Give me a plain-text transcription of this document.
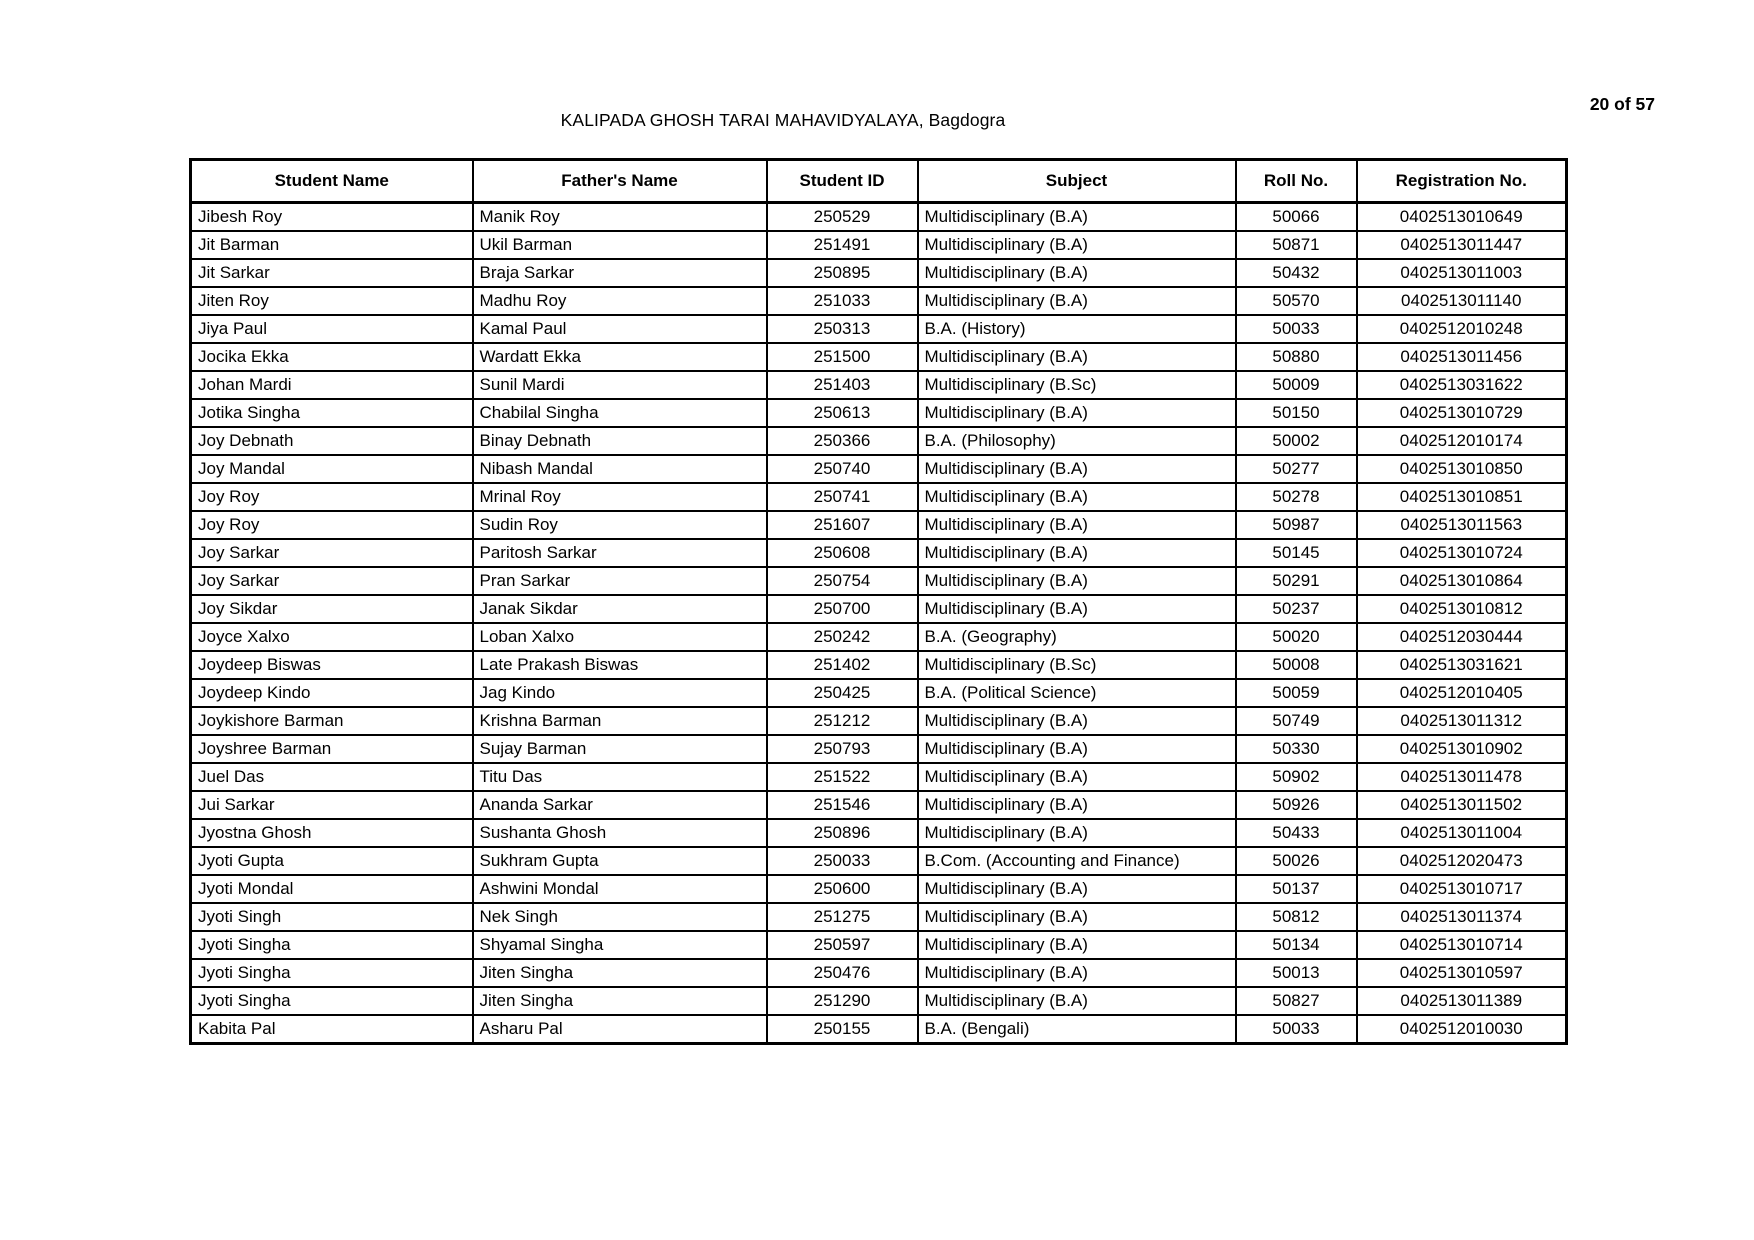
KALIPADA GHOSH TARAI MAHAVIDYALAYA, Bagdogra
20 of 57
Student Name	Father's Name	Student ID	Subject	Roll No.	Registration No.
Jibesh Roy	Manik Roy	250529	Multidisciplinary (B.A)	50066	0402513010649
Jit Barman	Ukil Barman	251491	Multidisciplinary (B.A)	50871	0402513011447
Jit Sarkar	Braja Sarkar	250895	Multidisciplinary (B.A)	50432	0402513011003
Jiten Roy	Madhu Roy	251033	Multidisciplinary (B.A)	50570	0402513011140
Jiya Paul	Kamal Paul	250313	B.A. (History)	50033	0402512010248
Jocika Ekka	Wardatt Ekka	251500	Multidisciplinary (B.A)	50880	0402513011456
Johan Mardi	Sunil Mardi	251403	Multidisciplinary (B.Sc)	50009	0402513031622
Jotika Singha	Chabilal Singha	250613	Multidisciplinary (B.A)	50150	0402513010729
Joy Debnath	Binay Debnath	250366	B.A. (Philosophy)	50002	0402512010174
Joy Mandal	Nibash Mandal	250740	Multidisciplinary (B.A)	50277	0402513010850
Joy Roy	Mrinal Roy	250741	Multidisciplinary (B.A)	50278	0402513010851
Joy Roy	Sudin Roy	251607	Multidisciplinary (B.A)	50987	0402513011563
Joy Sarkar	Paritosh Sarkar	250608	Multidisciplinary (B.A)	50145	0402513010724
Joy Sarkar	Pran Sarkar	250754	Multidisciplinary (B.A)	50291	0402513010864
Joy Sikdar	Janak Sikdar	250700	Multidisciplinary (B.A)	50237	0402513010812
Joyce Xalxo	Loban Xalxo	250242	B.A. (Geography)	50020	0402512030444
Joydeep Biswas	Late Prakash Biswas	251402	Multidisciplinary (B.Sc)	50008	0402513031621
Joydeep Kindo	Jag Kindo	250425	B.A. (Political Science)	50059	0402512010405
Joykishore Barman	Krishna Barman	251212	Multidisciplinary (B.A)	50749	0402513011312
Joyshree Barman	Sujay Barman	250793	Multidisciplinary (B.A)	50330	0402513010902
Juel Das	Titu Das	251522	Multidisciplinary (B.A)	50902	0402513011478
Jui Sarkar	Ananda Sarkar	251546	Multidisciplinary (B.A)	50926	0402513011502
Jyostna Ghosh	Sushanta Ghosh	250896	Multidisciplinary (B.A)	50433	0402513011004
Jyoti Gupta	Sukhram Gupta	250033	B.Com. (Accounting and Finance)	50026	0402512020473
Jyoti Mondal	Ashwini Mondal	250600	Multidisciplinary (B.A)	50137	0402513010717
Jyoti Singh	Nek Singh	251275	Multidisciplinary (B.A)	50812	0402513011374
Jyoti Singha	Shyamal Singha	250597	Multidisciplinary (B.A)	50134	0402513010714
Jyoti Singha	Jiten Singha	250476	Multidisciplinary (B.A)	50013	0402513010597
Jyoti Singha	Jiten Singha	251290	Multidisciplinary (B.A)	50827	0402513011389
Kabita Pal	Asharu Pal	250155	B.A. (Bengali)	50033	0402512010030
